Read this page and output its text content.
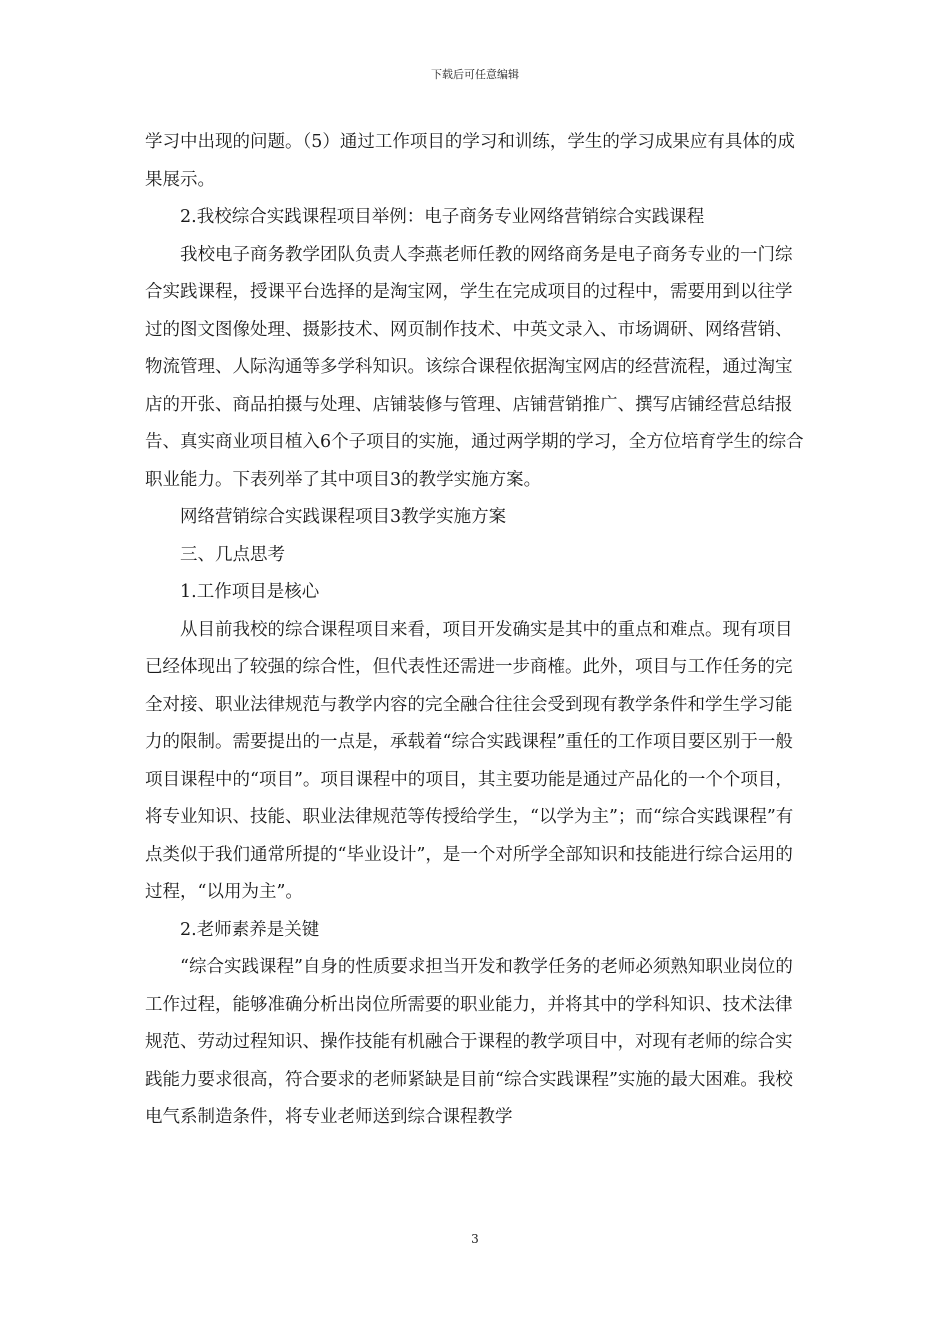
下载后可任意编辑

学习中出现的问题。（5）通过工作项目的学习和训练，学生的学习成果应有具体的成果展示。

2.我校综合实践课程项目举例：电子商务专业网络营销综合实践课程

我校电子商务教学团队负责人李燕老师任教的网络商务是电子商务专业的一门综合实践课程，授课平台选择的是淘宝网，学生在完成项目的过程中，需要用到以往学过的图文图像处理、摄影技术、网页制作技术、中英文录入、市场调研、网络营销、物流管理、人际沟通等多学科知识。该综合课程依据淘宝网店的经营流程，通过淘宝店的开张、商品拍摄与处理、店铺装修与管理、店铺营销推广、撰写店铺经营总结报告、真实商业项目植入6个子项目的实施，通过两学期的学习，全方位培育学生的综合职业能力。下表列举了其中项目3的教学实施方案。

网络营销综合实践课程项目3教学实施方案

三、几点思考

1.工作项目是核心

从目前我校的综合课程项目来看，项目开发确实是其中的重点和难点。现有项目已经体现出了较强的综合性，但代表性还需进一步商榷。此外，项目与工作任务的完全对接、职业法律规范与教学内容的完全融合往往会受到现有教学条件和学生学习能力的限制。需要提出的一点是，承载着“综合实践课程”重任的工作项目要区别于一般项目课程中的“项目”。项目课程中的项目，其主要功能是通过产品化的一个个项目，将专业知识、技能、职业法律规范等传授给学生，“以学为主”；而“综合实践课程”有点类似于我们通常所提的“毕业设计”，是一个对所学全部知识和技能进行综合运用的过程，“以用为主”。

2.老师素养是关键

“综合实践课程”自身的性质要求担当开发和教学任务的老师必须熟知职业岗位的工作过程，能够准确分析出岗位所需要的职业能力，并将其中的学科知识、技术法律规范、劳动过程知识、操作技能有机融合于课程的教学项目中，对现有老师的综合实践能力要求很高，符合要求的老师紧缺是目前“综合实践课程”实施的最大困难。我校电气系制造条件，将专业老师送到综合课程教学

3
